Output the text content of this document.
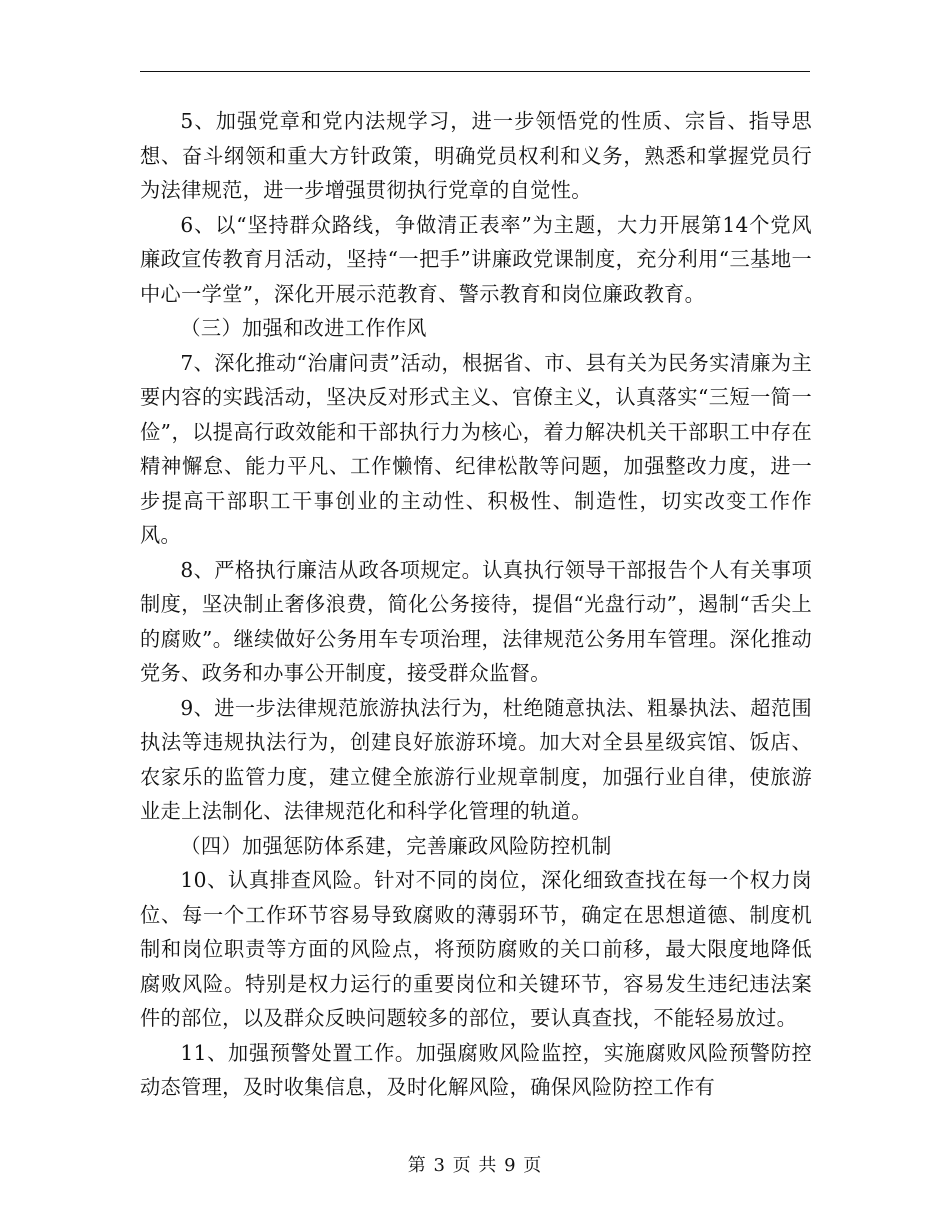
5、加强党章和党内法规学习，进一步领悟党的性质、宗旨、指导思想、奋斗纲领和重大方针政策，明确党员权利和义务，熟悉和掌握党员行为法律规范，进一步增强贯彻执行党章的自觉性。

6、以“坚持群众路线，争做清正表率”为主题，大力开展第14个党风廉政宣传教育月活动，坚持“一把手”讲廉政党课制度，充分利用“三基地一中心一学堂”，深化开展示范教育、警示教育和岗位廉政教育。

（三）加强和改进工作作风

7、深化推动“治庸问责”活动，根据省、市、县有关为民务实清廉为主要内容的实践活动，坚决反对形式主义、官僚主义，认真落实“三短一简一俭”，以提高行政效能和干部执行力为核心，着力解决机关干部职工中存在精神懈怠、能力平凡、工作懒惰、纪律松散等问题，加强整改力度，进一步提高干部职工干事创业的主动性、积极性、制造性，切实改变工作作风。

8、严格执行廉洁从政各项规定。认真执行领导干部报告个人有关事项制度，坚决制止奢侈浪费，简化公务接待，提倡“光盘行动”，遏制“舌尖上的腐败”。继续做好公务用车专项治理，法律规范公务用车管理。深化推动党务、政务和办事公开制度，接受群众监督。

9、进一步法律规范旅游执法行为，杜绝随意执法、粗暴执法、超范围执法等违规执法行为，创建良好旅游环境。加大对全县星级宾馆、饭店、农家乐的监管力度，建立健全旅游行业规章制度，加强行业自律，使旅游业走上法制化、法律规范化和科学化管理的轨道。

（四）加强惩防体系建，完善廉政风险防控机制

10、认真排查风险。针对不同的岗位，深化细致查找在每一个权力岗位、每一个工作环节容易导致腐败的薄弱环节，确定在思想道德、制度机制和岗位职责等方面的风险点，将预防腐败的关口前移，最大限度地降低腐败风险。特别是权力运行的重要岗位和关键环节，容易发生违纪违法案件的部位，以及群众反映问题较多的部位，要认真查找，不能轻易放过。

11、加强预警处置工作。加强腐败风险监控，实施腐败风险预警防控动态管理，及时收集信息，及时化解风险，确保风险防控工作有

第 3 页 共 9 页
